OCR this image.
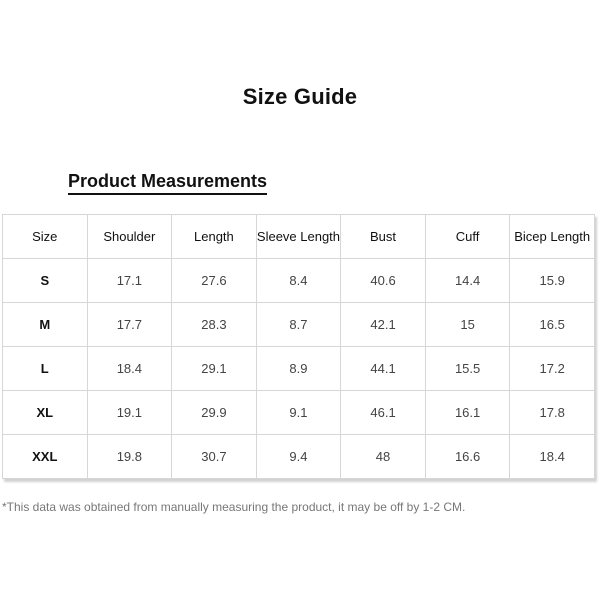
Size Guide
Product Measurements
Size	Shoulder	Length	Sleeve Length	Bust	Cuff	Bicep Length
S	17.1	27.6	8.4	40.6	14.4	15.9
M	17.7	28.3	8.7	42.1	15	16.5
L	18.4	29.1	8.9	44.1	15.5	17.2
XL	19.1	29.9	9.1	46.1	16.1	17.8
XXL	19.8	30.7	9.4	48	16.6	18.4
*This data was obtained from manually measuring the product, it may be off by 1-2 CM.
